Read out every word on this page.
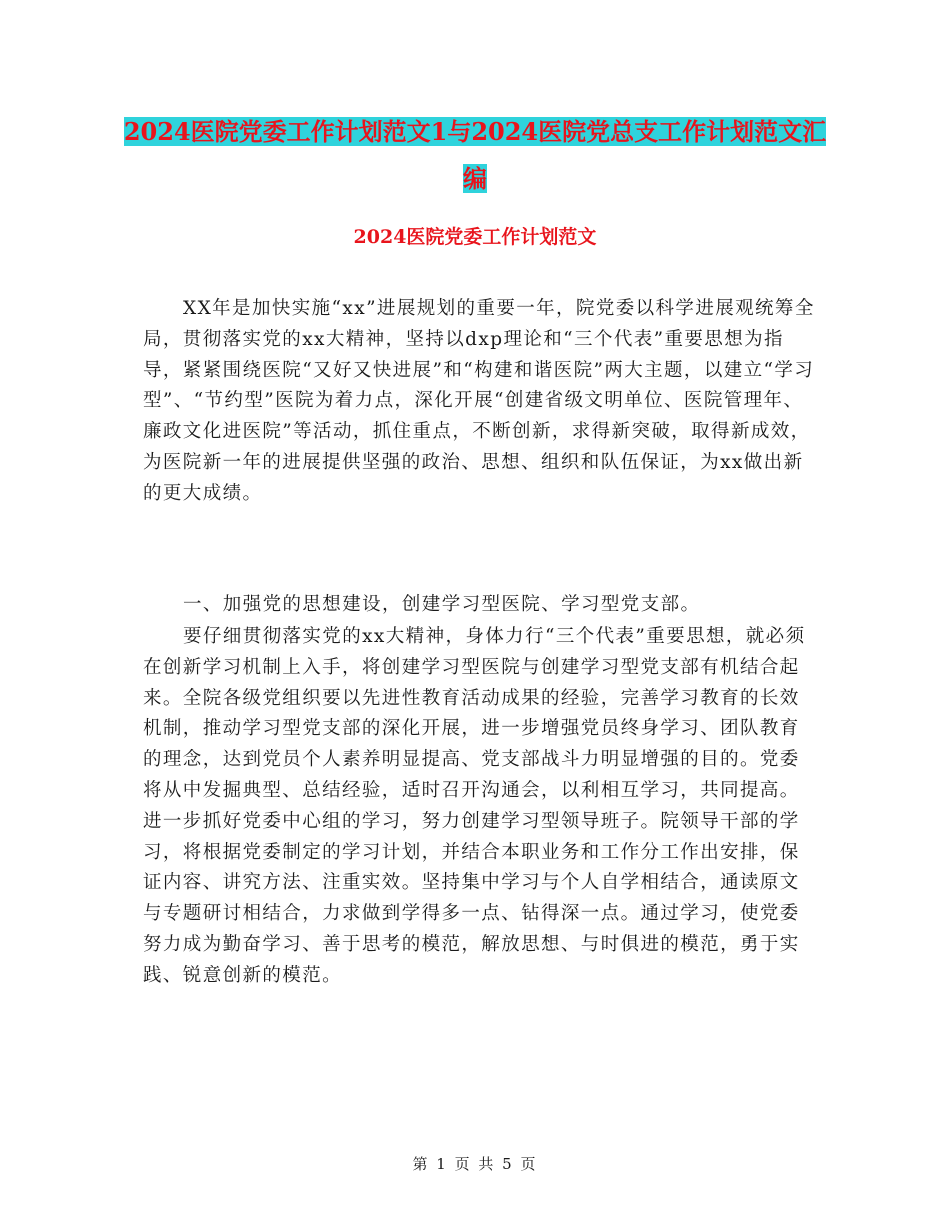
2024医院党委工作计划范文1与2024医院党总支工作计划范文汇编
2024医院党委工作计划范文

XX年是加快实施“xx”进展规划的重要一年，院党委以科学进展观统筹全局，贯彻落实党的xx大精神，坚持以dxp理论和“三个代表”重要思想为指导，紧紧围绕医院“又好又快进展”和“构建和谐医院”两大主题，以建立“学习型”、“节约型”医院为着力点，深化开展“创建省级文明单位、医院管理年、廉政文化进医院”等活动，抓住重点，不断创新，求得新突破，取得新成效，为医院新一年的进展提供坚强的政治、思想、组织和队伍保证，为xx做出新的更大成绩。

一、加强党的思想建设，创建学习型医院、学习型党支部。

要仔细贯彻落实党的xx大精神，身体力行“三个代表”重要思想，就必须在创新学习机制上入手，将创建学习型医院与创建学习型党支部有机结合起来。全院各级党组织要以先进性教育活动成果的经验，完善学习教育的长效机制，推动学习型党支部的深化开展，进一步增强党员终身学习、团队教育的理念，达到党员个人素养明显提高、党支部战斗力明显增强的目的。党委将从中发掘典型、总结经验，适时召开沟通会，以利相互学习，共同提高。 进一步抓好党委中心组的学习，努力创建学习型领导班子。院领导干部的学习，将根据党委制定的学习计划，并结合本职业务和工作分工作出安排，保证内容、讲究方法、注重实效。坚持集中学习与个人自学相结合，通读原文与专题研讨相结合，力求做到学得多一点、钻得深一点。通过学习，使党委努力成为勤奋学习、善于思考的模范，解放思想、与时俱进的模范，勇于实践、锐意创新的模范。

第 1 页 共 5 页
